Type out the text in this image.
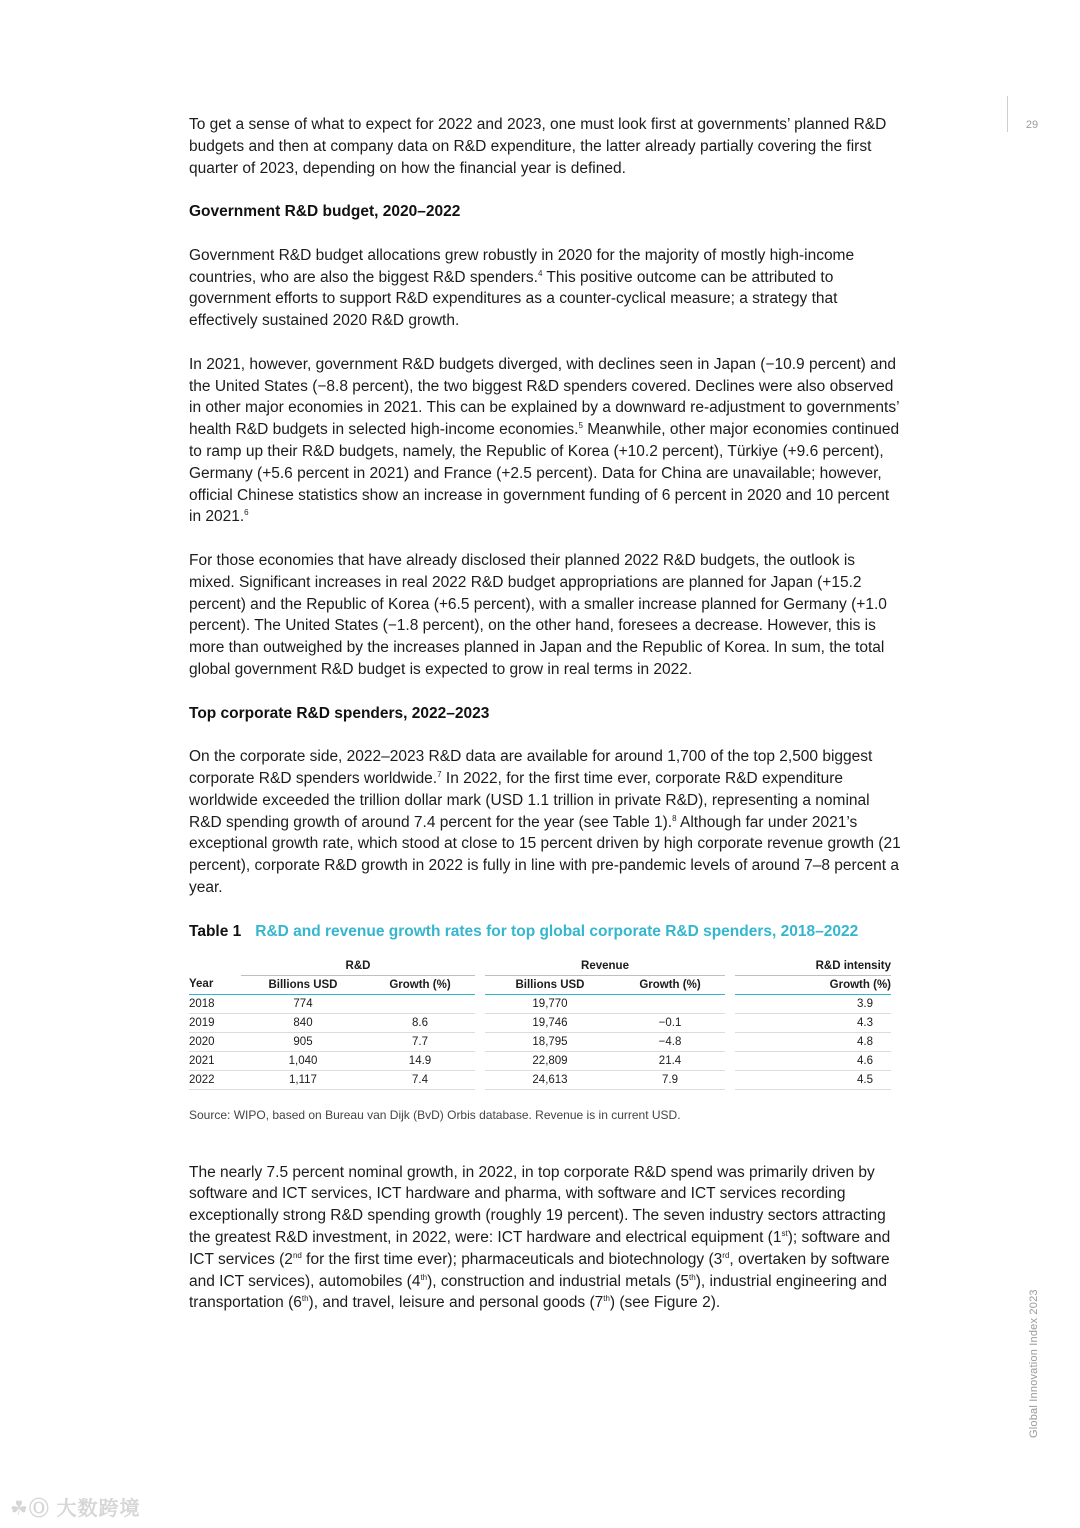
29
Global Innovation Index 2023

To get a sense of what to expect for 2022 and 2023, one must look first at governments’ planned R&D budgets and then at company data on R&D expenditure, the latter already partially covering the first quarter of 2023, depending on how the financial year is defined.

Government R&D budget, 2020–2022

Government R&D budget allocations grew robustly in 2020 for the majority of mostly high-income countries, who are also the biggest R&D spenders.$^4$ This positive outcome can be attributed to government efforts to support R&D expenditures as a counter-cyclical measure; a strategy that effectively sustained 2020 R&D growth.

In 2021, however, government R&D budgets diverged, with declines seen in Japan (−10.9 percent) and the United States (−8.8 percent), the two biggest R&D spenders covered. Declines were also observed in other major economies in 2021. This can be explained by a downward re-adjustment to governments’ health R&D budgets in selected high-income economies.$^5$ Meanwhile, other major economies continued to ramp up their R&D budgets, namely, the Republic of Korea (+10.2 percent), Türkiye (+9.6 percent), Germany (+5.6 percent in 2021) and France (+2.5 percent). Data for China are unavailable; however, official Chinese statistics show an increase in government funding of 6 percent in 2020 and 10 percent in 2021.$^6$

For those economies that have already disclosed their planned 2022 R&D budgets, the outlook is mixed. Significant increases in real 2022 R&D budget appropriations are planned for Japan (+15.2 percent) and the Republic of Korea (+6.5 percent), with a smaller increase planned for Germany (+1.0 percent). The United States (−1.8 percent), on the other hand, foresees a decrease. However, this is more than outweighed by the increases planned in Japan and the Republic of Korea. In sum, the total global government R&D budget is expected to grow in real terms in 2022.

Top corporate R&D spenders, 2022–2023

On the corporate side, 2022–2023 R&D data are available for around 1,700 of the top 2,500 biggest corporate R&D spenders worldwide.$^7$ In 2022, for the first time ever, corporate R&D expenditure worldwide exceeded the trillion dollar mark (USD 1.1 trillion in private R&D), representing a nominal R&D spending growth of around 7.4 percent for the year (see Table 1).$^8$ Although far under 2021’s exceptional growth rate, which stood at close to 15 percent driven by high corporate revenue growth (21 percent), corporate R&D growth in 2022 is fully in line with pre-pandemic levels of around 7–8 percent a year.

Table 1 R&D and revenue growth rates for top global corporate R&D spenders, 2018–2022
	R&D			Revenue			R&D intensity
Year	Billions USD	Growth (%)		Billions USD	Growth (%)		Growth (%)
2018	774			19,770			3.9
2019	840	8.6		19,746	−0.1		4.3
2020	905	7.7		18,795	−4.8		4.8
2021	1,040	14.9		22,809	21.4		4.6
2022	1,117	7.4		24,613	7.9		4.5
Source: WIPO, based on Bureau van Dijk (BvD) Orbis database. Revenue is in current USD.

The nearly 7.5 percent nominal growth, in 2022, in top corporate R&D spend was primarily driven by software and ICT services, ICT hardware and pharma, with software and ICT services recording exceptionally strong R&D spending growth (roughly 19 percent). The seven industry sectors attracting the greatest R&D investment, in 2022, were: ICT hardware and electrical equipment (1st); software and ICT services (2nd for the first time ever); pharmaceuticals and biotechnology (3rd, overtaken by software and ICT services), automobiles (4th), construction and industrial metals (5th), industrial engineering and transportation (6th), and travel, leisure and personal goods (7th) (see Figure 2).

☘Ⓞ 大数跨境
